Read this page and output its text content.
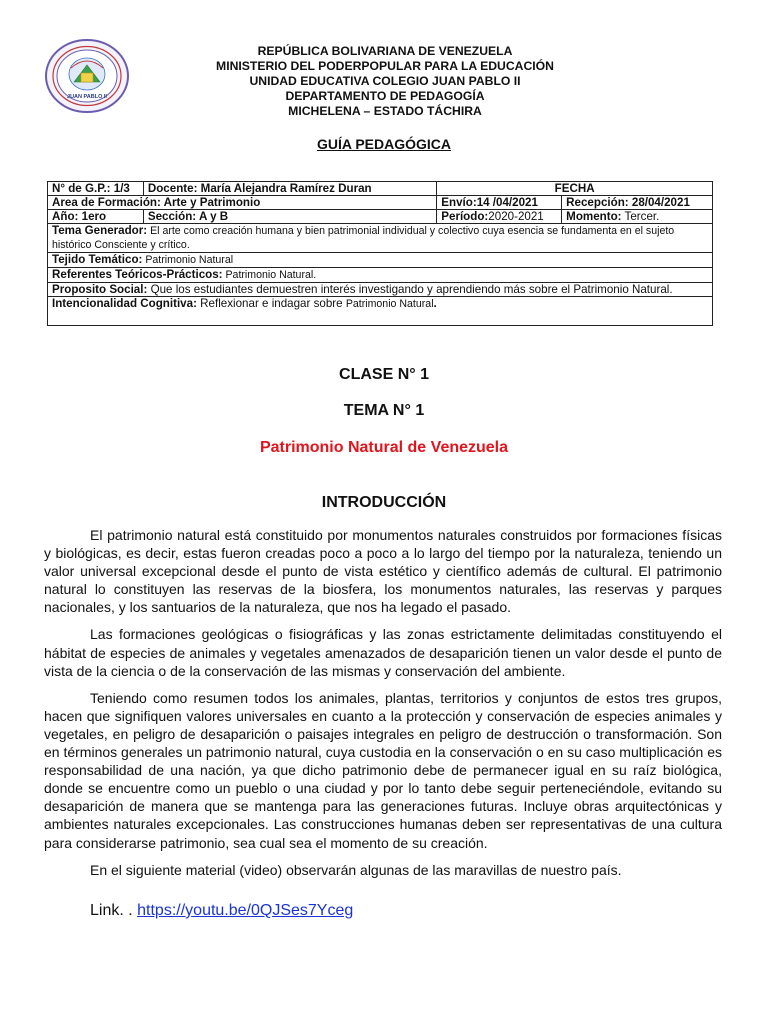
JUAN PABLO II
REPÚBLICA BOLIVARIANA DE VENEZUELA
MINISTERIO DEL PODERPOPULAR PARA LA EDUCACIÓN
UNIDAD EDUCATIVA COLEGIO JUAN PABLO II
DEPARTAMENTO DE PEDAGOGÍA
MICHELENA – ESTADO TÁCHIRA
GUÍA PEDAGÓGICA
N° de G.P.: 1/3	Docente: María Alejandra Ramírez Duran	FECHA	
Area de Formación: Arte y Patrimonio		Envío:14 /04/2021	Recepción: 28/04/2021
Año: 1ero	Sección: A y B	Período:2020-2021	Momento: Tercer.
Tema Generador: El arte como creación humana y bien patrimonial individual y colectivo cuya esencia se fundamenta en el sujeto histórico Consciente y crítico.			
Tejido Temático: Patrimonio Natural			
Referentes Teóricos-Prácticos: Patrimonio Natural.			
Proposito Social: Que los estudiantes demuestren interés investigando y aprendiendo más sobre el Patrimonio Natural.			
Intencionalidad Cognitiva: Reflexionar e indagar sobre Patrimonio Natural.			
CLASE N° 1
TEMA N° 1
Patrimonio Natural de Venezuela
INTRODUCCIÓN

El patrimonio natural está constituido por monumentos naturales construidos por formaciones físicas y biológicas, es decir, estas fueron creadas poco a poco a lo largo del tiempo por la naturaleza, teniendo un valor universal excepcional desde el punto de vista estético y científico además de cultural. El patrimonio natural lo constituyen las reservas de la biosfera, los monumentos naturales, las reservas y parques nacionales, y los santuarios de la naturaleza, que nos ha legado el pasado.

Las formaciones geológicas o fisiográficas y las zonas estrictamente delimitadas constituyendo el hábitat de especies de animales y vegetales amenazados de desaparición tienen un valor desde el punto de vista de la ciencia o de la conservación de las mismas y conservación del ambiente.

Teniendo como resumen todos los animales, plantas, territorios y conjuntos de estos tres grupos, hacen que signifiquen valores universales en cuanto a la protección y conservación de especies animales y vegetales, en peligro de desaparición o paisajes integrales en peligro de destrucción o transformación. Son en términos generales un patrimonio natural, cuya custodia en la conservación o en su caso multiplicación es responsabilidad de una nación, ya que dicho patrimonio debe de permanecer igual en su raíz biológica, donde se encuentre como un pueblo o una ciudad y por lo tanto debe seguir perteneciéndole, evitando su desaparición de manera que se mantenga para las generaciones futuras. Incluye obras arquitectónicas y ambientes naturales excepcionales. Las construcciones humanas deben ser representativas de una cultura para considerarse patrimonio, sea cual sea el momento de su creación.

En el siguiente material (video) observarán algunas de las maravillas de nuestro país.

Link. . https://youtu.be/0QJSes7Yceg
